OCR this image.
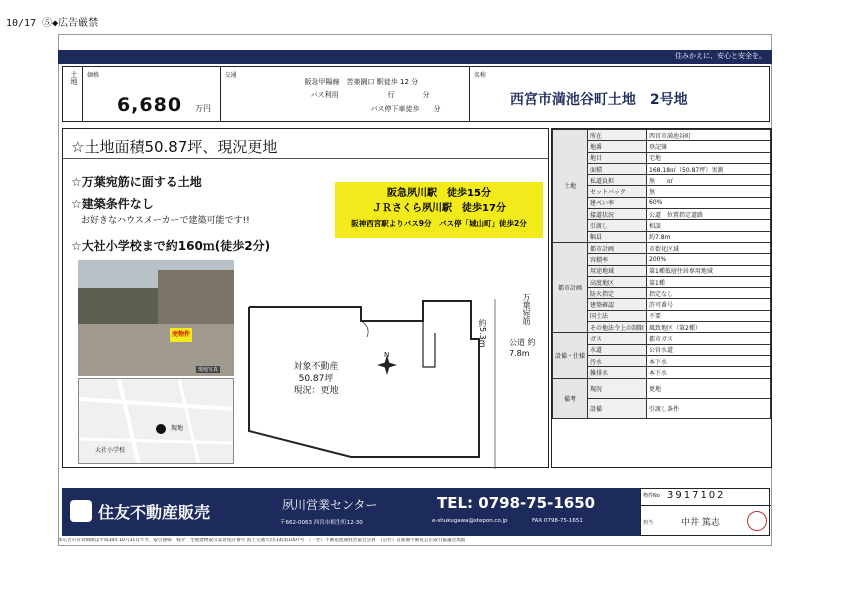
10/17 ⑤◆広告厳禁
住みかえに、安心と安全を。
土地 価格
6,680 万円
交通
阪急甲陽線　苦楽園口 駅徒歩 12 分
バス利用　　　　　　　行　　　　分
バス停下車徒歩　　分
名称
西宮市満池谷町土地　2号地
☆土地面積50.87坪、現況更地
☆万葉宛筋に面する土地
☆建築条件なし
お好きなハウスメーカーで建築可能です!!
☆大社小学校まで約160ｍ(徒歩2分)
N
対象不動産
50.87坪
現況：更地
万葉宛筋
公道 約7.8m
約5.3m
阪急夙川駅　徒歩15分
ＪＲさくら夙川駅　徒歩17分
阪神西宮駅よりバス9分　バス停「城山町」徒歩2分
売物件
現地写真
現地
大社小学校
土地	所在	西宮市満池谷町
	地番	登記簿
	地目	宅地
	面積	168.18㎡（50.87坪）実測
	私道負担	無　　㎡
	セットバック	無
	建ぺい率	60%
	接道状況	公道　位置指定道路
	引渡し	相談
	幅員	約7.8m
都市計画	都市計画	市街化区域
	容積率	200%
	用途地域	第1種低層住居専用地域
	高度地区	第1種
	防火指定	指定なし
	建築確認	許可番号
	国土法	不要
	その他法令上の制限	風致地区（第2種）
設備・仕様	ガス	都市ガス
	水道	公営水道
	汚水	本下水
	雑排水	本下水
備考	現況	更地
	設備	引渡し条件
住友不動産販売	夙川営業センター
〒662-0063 西宮市相生町12-30
TEL: 0798-75-1650
e-shukugawa@stepon.co.jp	FAX 0798-75-1651
物件No 3917102
担当	中井 篤志
本広告の有効期限は平成30年10月31日です。取引態様：媒介　宅地建物取引業者免許番号 国土交通大臣(14)第1007号　（一社）不動産流通経営協会会員　（公社）首都圏不動産公正取引協議会加盟
